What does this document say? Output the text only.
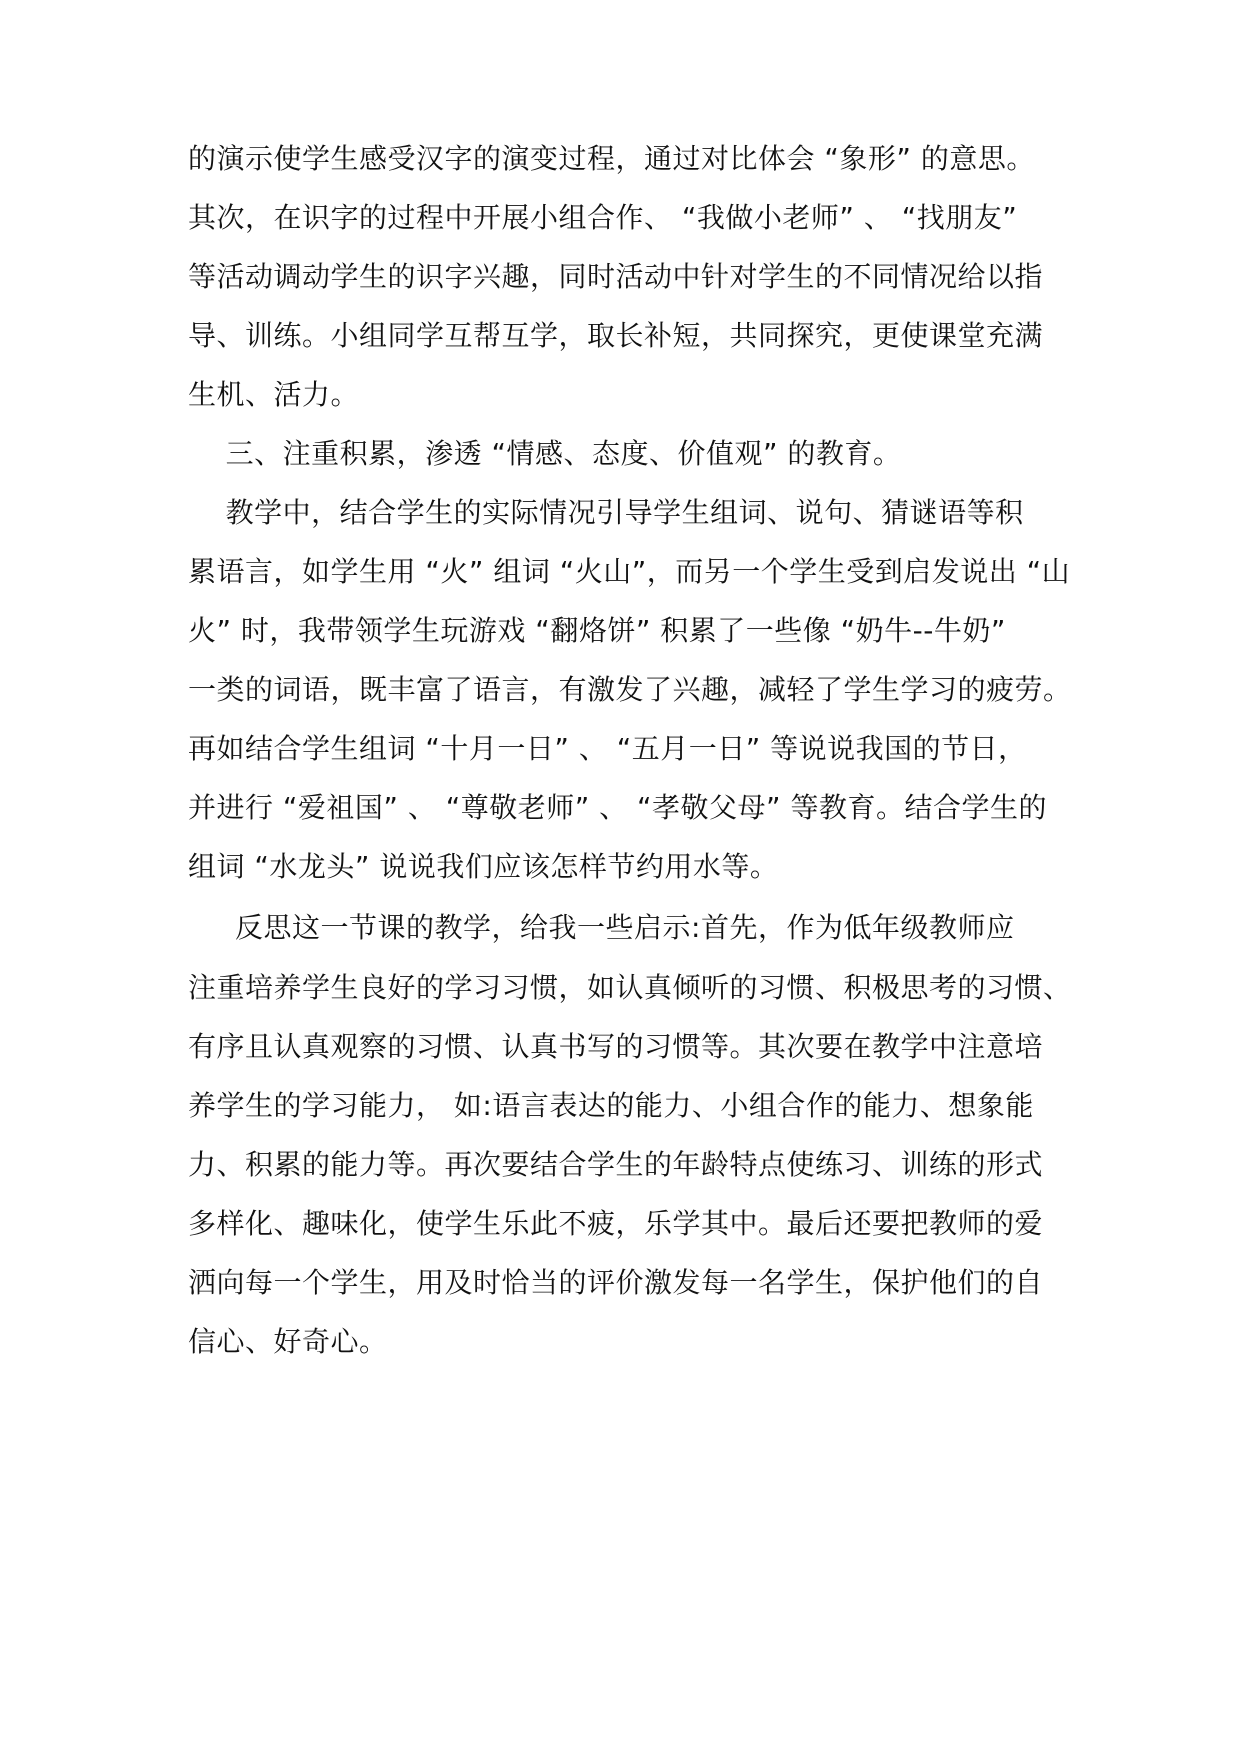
的演示使学生感受汉字的演变过程，通过对比体会 “象形” 的意思。
其次，在识字的过程中开展小组合作、 “我做小老师” 、 “找朋友”
等活动调动学生的识字兴趣，同时活动中针对学生的不同情况给以指
导、训练。小组同学互帮互学，取长补短，共同探究，更使课堂充满
生机、活力。
三、注重积累，渗透 “情感、态度、价值观” 的教育。
教学中，结合学生的实际情况引导学生组词、说句、猜谜语等积
累语言，如学生用 “火” 组词 “火山”，而另一个学生受到启发说出 “山
火” 时，我带领学生玩游戏 “翻烙饼” 积累了一些像 “奶牛--牛奶”
一类的词语，既丰富了语言，有激发了兴趣，减轻了学生学习的疲劳。
再如结合学生组词 “十月一日” 、 “五月一日” 等说说我国的节日，
并进行 “爱祖国” 、 “尊敬老师” 、 “孝敬父母” 等教育。结合学生的
组词 “水龙头” 说说我们应该怎样节约用水等。
反思这一节课的教学，给我一些启示:首先，作为低年级教师应
注重培养学生良好的学习习惯，如认真倾听的习惯、积极思考的习惯、
有序且认真观察的习惯、认真书写的习惯等。其次要在教学中注意培
养学生的学习能力， 如:语言表达的能力、小组合作的能力、想象能
力、积累的能力等。再次要结合学生的年龄特点使练习、训练的形式
多样化、趣味化，使学生乐此不疲，乐学其中。最后还要把教师的爱
洒向每一个学生，用及时恰当的评价激发每一名学生，保护他们的自
信心、好奇心。
